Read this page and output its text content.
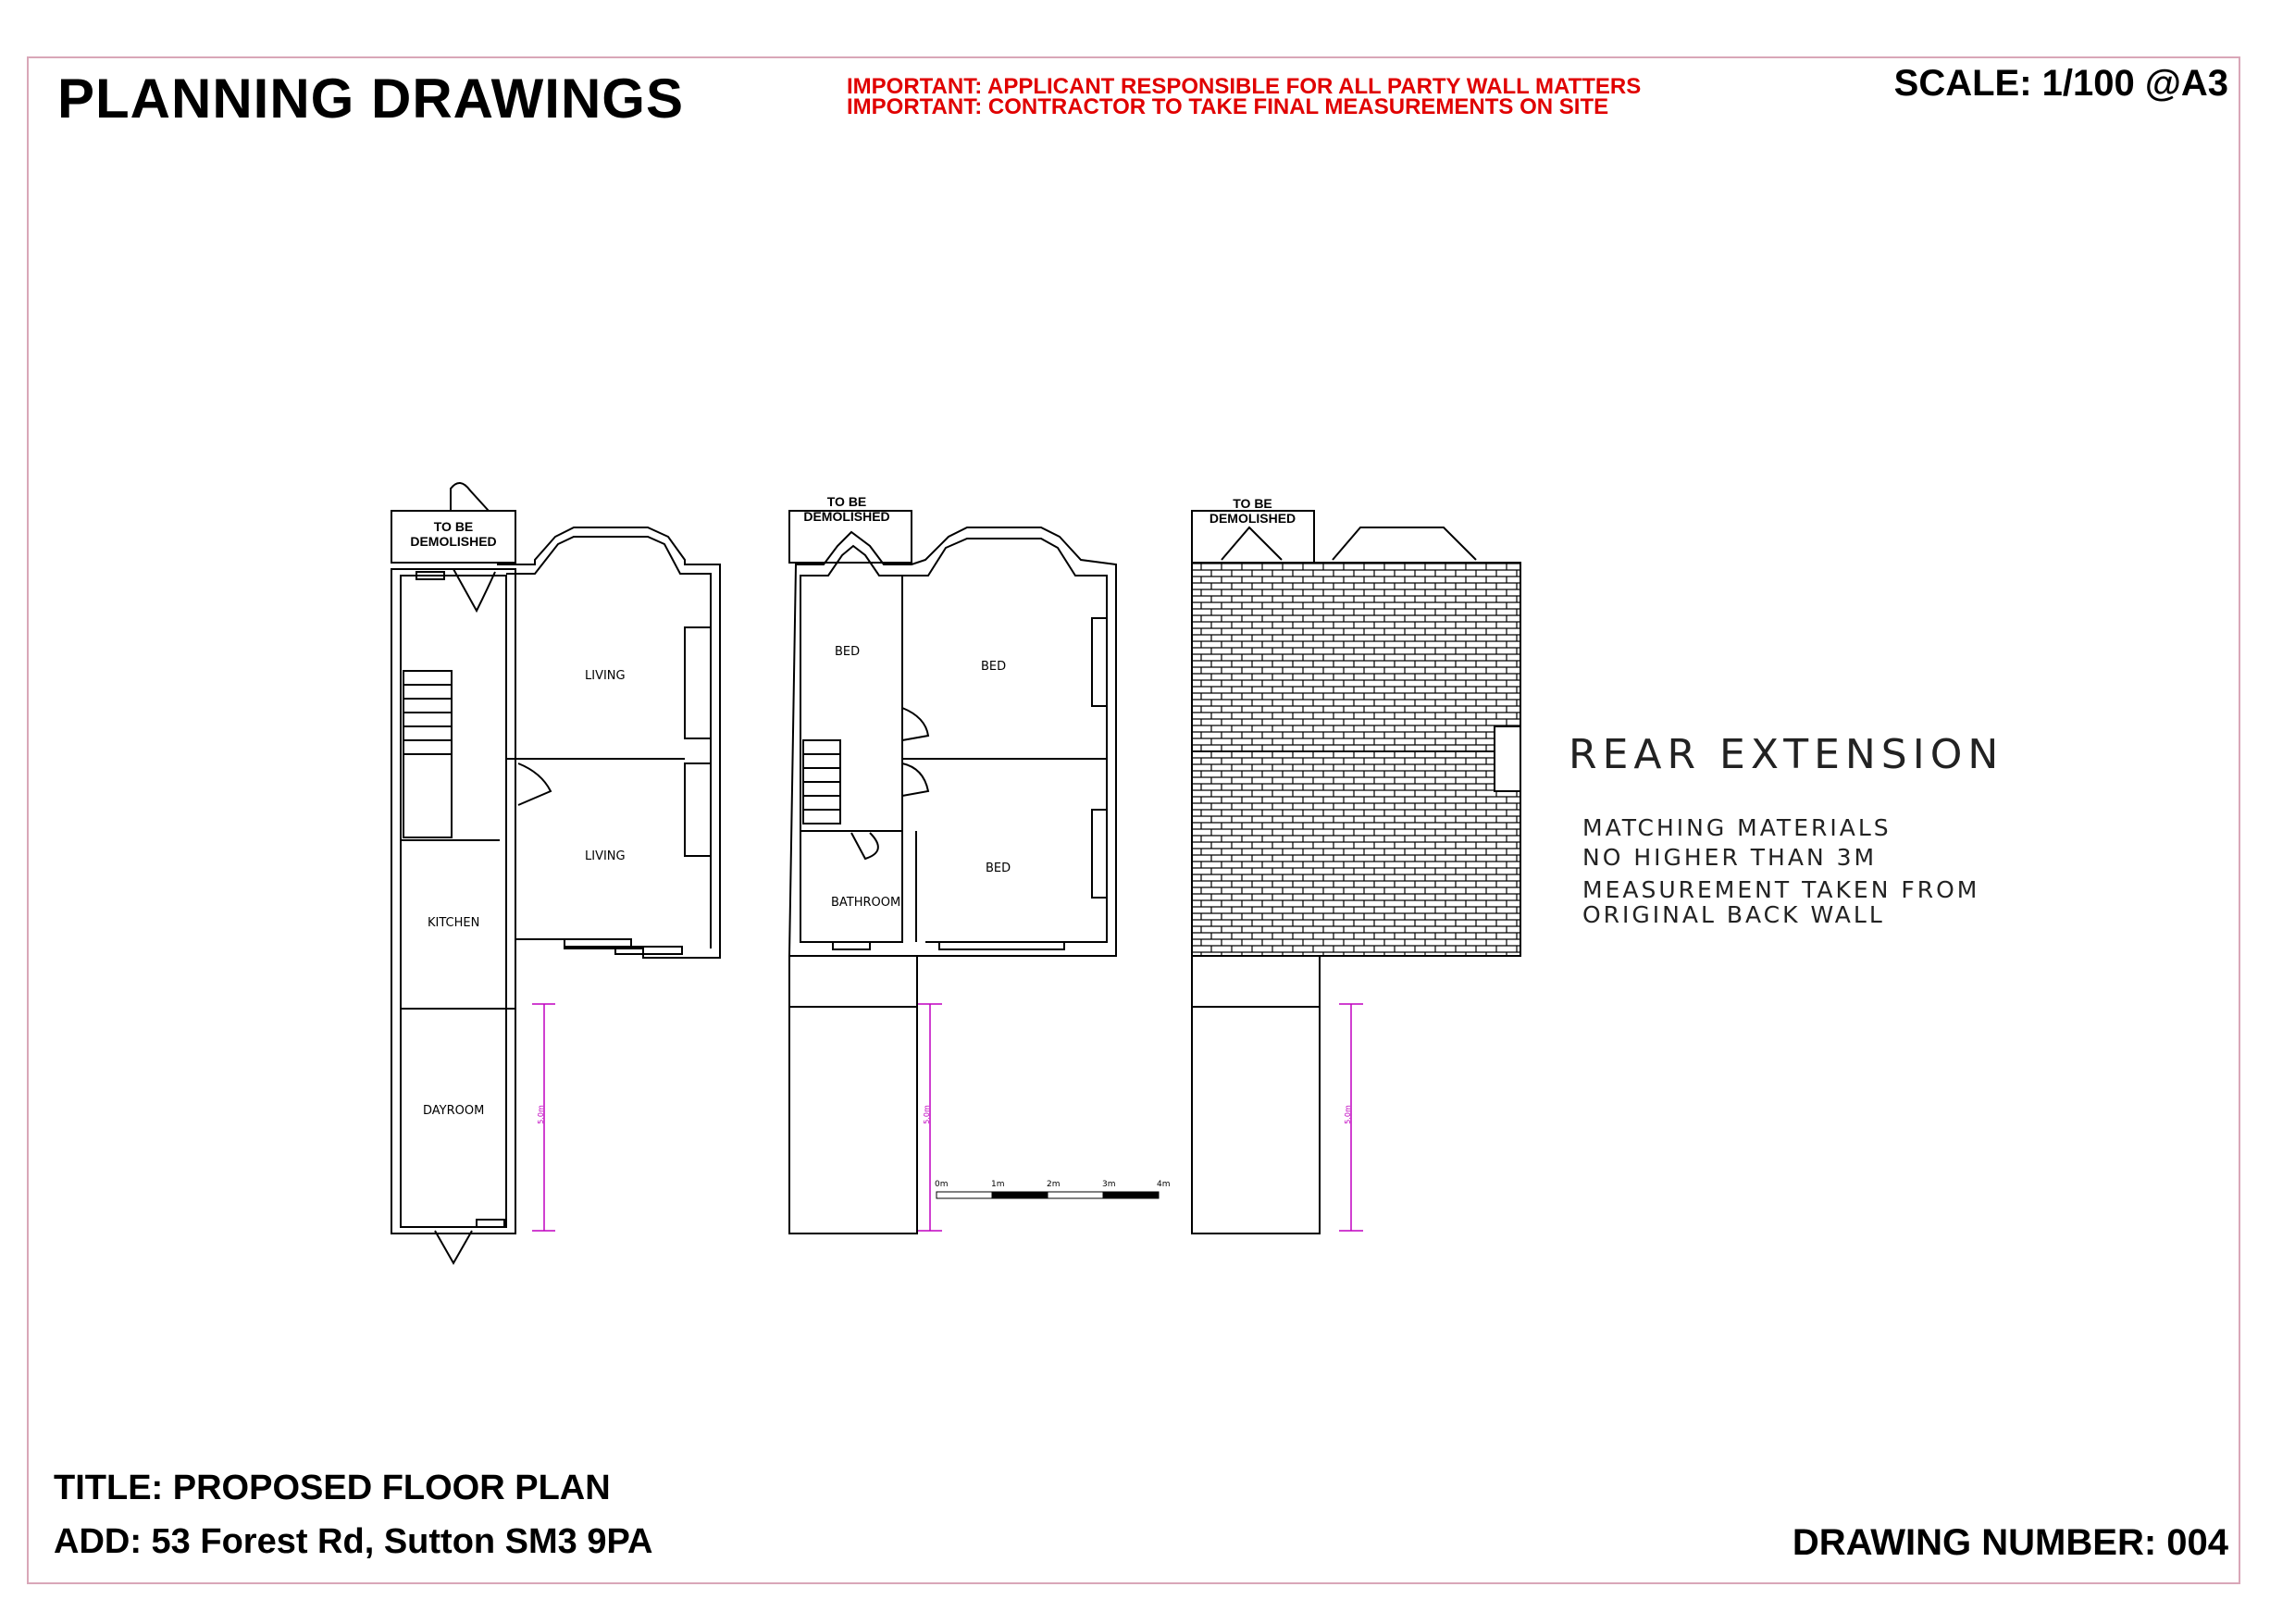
PLANNING DRAWINGS	IMPORTANT: APPLICANT RESPONSIBLE FOR ALL PARTY WALL MATTERS
IMPORTANT: CONTRACTOR TO TAKE FINAL MEASUREMENTS ON SITE
SCALE: 1/100 @A3
TO BE DEMOLISHED
TO BE DEMOLISHED
TO BE DEMOLISHED
LIVING
LIVING
KITCHEN
DAYROOM
BED
BED
BED
BATHROOM
5.0m	5.0m	5.0m
0m	1m	2m	3m	4m
REAR EXTENSION
MATCHING MATERIALS
NO HIGHER THAN 3M
MEASUREMENT TAKEN FROM
ORIGINAL BACK WALL
TITLE: PROPOSED FLOOR PLAN
ADD: 53 Forest Rd, Sutton SM3 9PA	DRAWING NUMBER: 004
